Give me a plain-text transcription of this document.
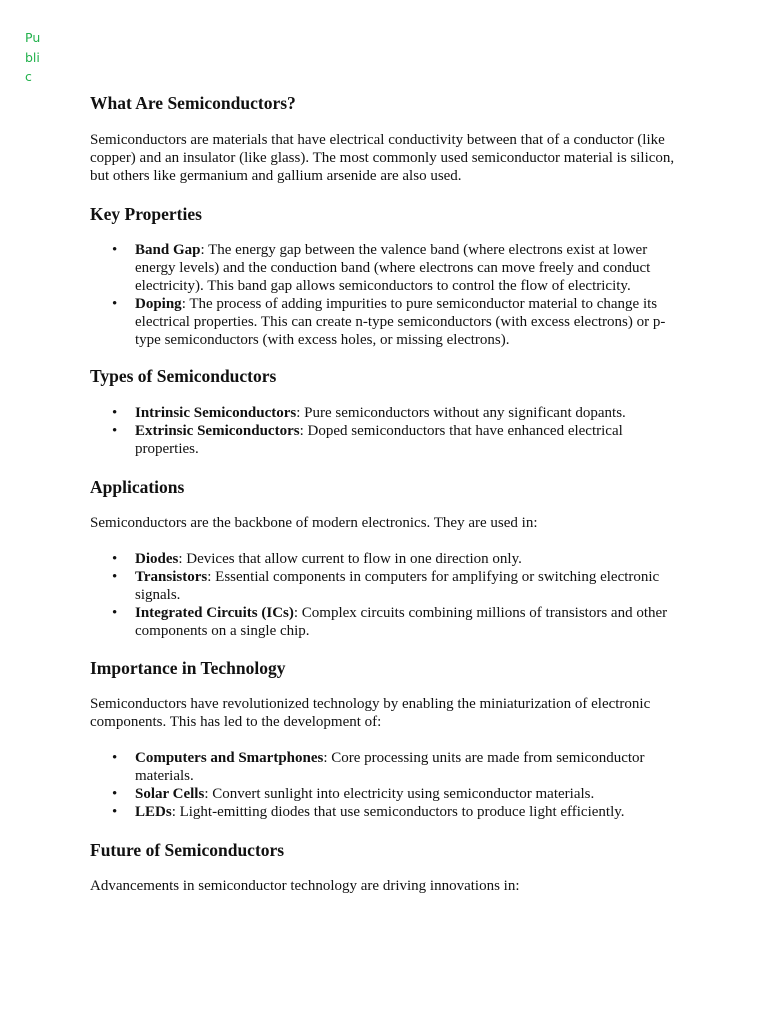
Public
What Are Semiconductors?

Semiconductors are materials that have electrical conductivity between that of a conductor (like copper) and an insulator (like glass). The most commonly used semiconductor material is silicon, but others like germanium and gallium arsenide are also used.

Key Properties
• Band Gap: The energy gap between the valence band (where electrons exist at lower energy levels) and the conduction band (where electrons can move freely and conduct electricity). This band gap allows semiconductors to control the flow of electricity.
• Doping: The process of adding impurities to pure semiconductor material to change its electrical properties. This can create n-type semiconductors (with excess electrons) or p-type semiconductors (with excess holes, or missing electrons).
Types of Semiconductors
• Intrinsic Semiconductors: Pure semiconductors without any significant dopants.
• Extrinsic Semiconductors: Doped semiconductors that have enhanced electrical properties.
Applications

Semiconductors are the backbone of modern electronics. They are used in:

• Diodes: Devices that allow current to flow in one direction only.
• Transistors: Essential components in computers for amplifying or switching electronic signals.
• Integrated Circuits (ICs): Complex circuits combining millions of transistors and other components on a single chip.
Importance in Technology

Semiconductors have revolutionized technology by enabling the miniaturization of electronic components. This has led to the development of:

• Computers and Smartphones: Core processing units are made from semiconductor materials.
• Solar Cells: Convert sunlight into electricity using semiconductor materials.
• LEDs: Light-emitting diodes that use semiconductors to produce light efficiently.
Future of Semiconductors

Advancements in semiconductor technology are driving innovations in:
